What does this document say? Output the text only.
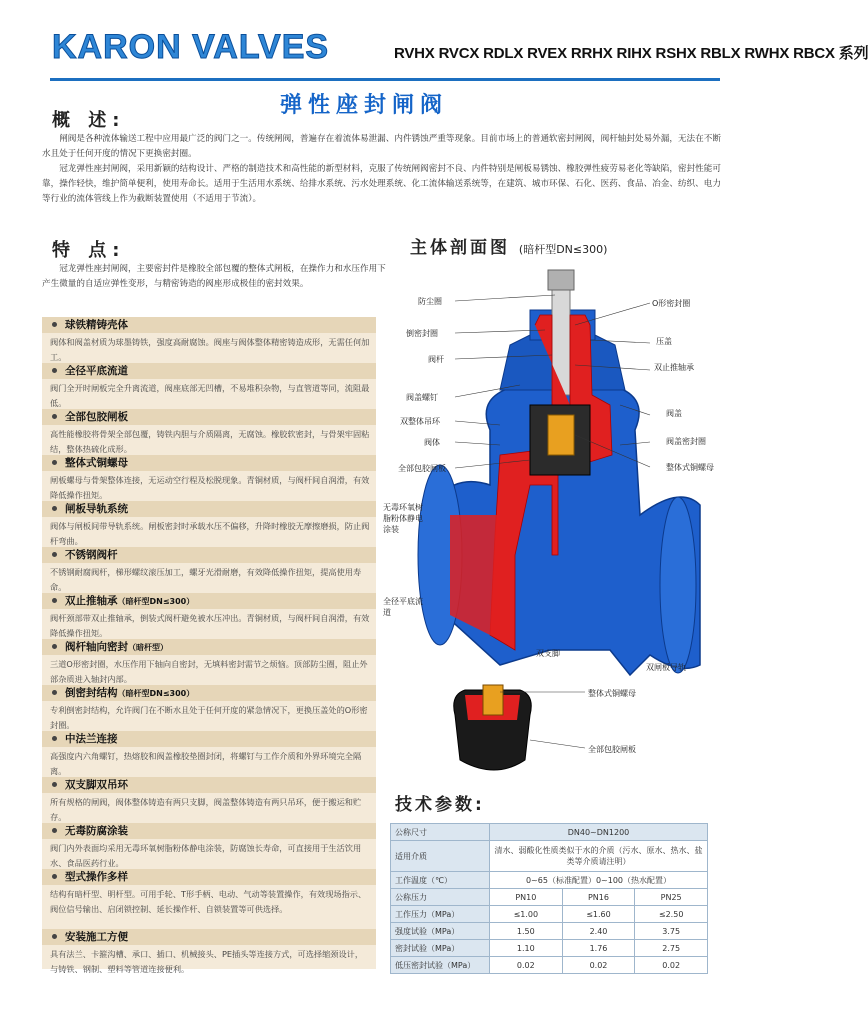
KARON VALVES	RVHX RVCX RDLX RVEX RRHX RIHX RSHX RBLX RWHX RBCX 系列
弹性座封闸阀
概 述:
闸阀是各种流体输送工程中应用最广泛的阀门之一。传统闸阀，普遍存在着流体易泄漏、内件锈蚀严重等现象。目前市场上的普通软密封闸阀，阀杆轴封处易外漏，无法在不断水且处于任何开度的情况下更换密封圈。
冠龙弹性座封闸阀，采用新颖的结构设计、严格的制造技术和高性能的新型材料，克服了传统闸阀密封不良、内件特别是闸板易锈蚀、橡胶弹性疲劳易老化等缺陷，密封性能可靠，操作轻快，维护简单便利，使用寿命长。适用于生活用水系统、给排水系统、污水处理系统、化工流体输送系统等，在建筑、城市环保、石化、医药、食品、冶金、纺织、电力等行业的流体管线上作为截断装置使用（不适用于节流）。
特 点:
冠龙弹性座封闸阀，主要密封件是橡胶全部包覆的整体式闸板，在操作力和水压作用下产生微量的自适应弹性变形，与精密铸造的阀座形成极佳的密封效果。
球铁精铸壳体
阀体和阀盖材质为球墨铸铁，强度高耐腐蚀。阀座与阀体整体精密铸造成形，无需任何加工。
全径平底流道
阀门全开时闸板完全升离流道，阀座底部无凹槽，不易堆积杂物，与直管道等同，流阻最低。
全部包胶闸板
高性能橡胶将骨架全部包覆，铸铁内胆与介质隔离，无腐蚀。橡胶软密封，与骨架牢固粘结，整体热硫化成形。
整体式铜螺母
闸板螺母与骨架整体连接，无运动空行程及松脱现象。青铜材质，与阀杆间自润滑，有效降低操作扭矩。
闸板导轨系统
阀体与闸板间带导轨系统。闸板密封时承载水压不偏移，升降时橡胶无摩擦磨损，防止阀杆弯曲。
不锈钢阀杆
不锈钢耐腐阀杆，梯形螺纹滚压加工，螺牙光滑耐磨，有效降低操作扭矩，提高使用寿命。
双止推轴承（暗杆型DN≤300）
阀杆颈部带双止推轴承，倒装式阀杆避免被水压冲出。青铜材质，与阀杆间自润滑，有效降低操作扭矩。
阀杆轴向密封（暗杆型）
三道O形密封圈，水压作用下轴向自密封，无填料密封需节之烦恼。顶部防尘圈，阻止外部杂质进入轴封内部。
倒密封结构（暗杆型DN≤300）
专利倒密封结构，允许阀门在不断水且处于任何开度的紧急情况下，更换压盖处的O形密封圈。
中法兰连接
高强度内六角螺钉，热熔胶和阀盖橡胶垫圈封闭，将螺钉与工作介质和外界环境完全隔离。
双支脚双吊环
所有规格的闸阀，阀体整体铸造有两只支脚，阀盖整体铸造有两只吊环，便于搬运和贮存。
无毒防腐涂装
阀门内外表面均采用无毒环氧树脂粉体静电涂装，防腐蚀长寿命，可直接用于生活饮用水、食品医药行业。
型式操作多样
结构有暗杆型、明杆型。可用手轮、T形手柄、电动、气动等装置操作，有效现场指示、阀位信号输出、启闭锁控制、延长操作杆、自锁装置等可供选择。
安装施工方便
具有法兰、卡箍沟槽、承口、插口、机械接头、PE插头等连接方式，可选择缩颈设计，与铸铁、钢制、塑料等管道连接便利。
主体剖面图 (暗杆型DN≤300)
防尘圈
倒密封圈
阀杆
阀盖螺钉
双整体吊环
阀体
全部包胶闸板
无毒环氧树脂粉体静电涂装
全径平底流道
双支脚
O形密封圈
压盖
双止推轴承
阀盖
阀盖密封圈
整体式铜螺母
双闸板导轨
整体式铜螺母
全部包胶闸板
技术参数:
公称尺寸	DN40~DN1200		
适用介质	清水、弱酸化性质类似于水的介质（污水、原水、热水、盐类等介质请注明）		
工作温度（℃）	0~65（标准配置）0~100（热水配置）		
公称压力	PN10	PN16	PN25
工作压力（MPa）	≤1.00	≤1.60	≤2.50
强度试验（MPa）	1.50	2.40	3.75
密封试验（MPa）	1.10	1.76	2.75
低压密封试验（MPa）	0.02	0.02	0.02
